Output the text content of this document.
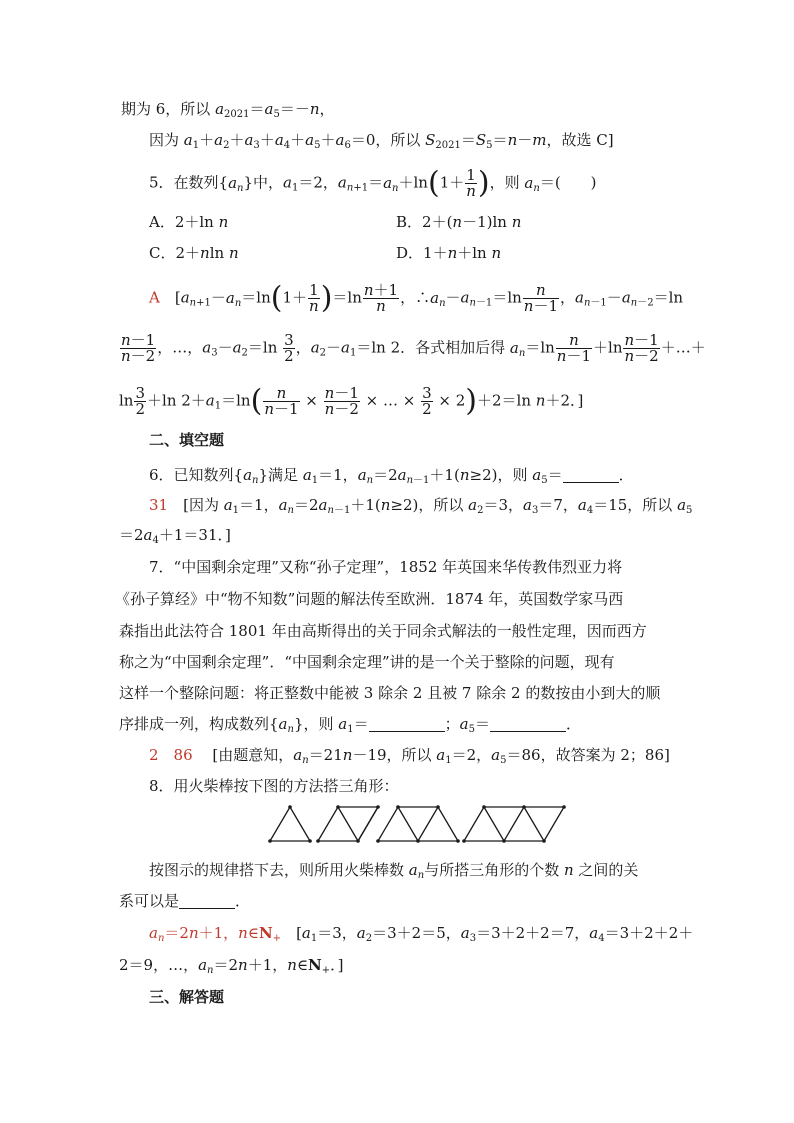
期为 6，所以 $a_{2021}=a_5=-n$，
因为 $a_1+a_2+a_3+a_4+a_5+a_6=0$，所以 $S_{2021}=S_5=n-m$，故选 C]
5．在数列$\{a_n\}$中，$a_1=2$，$a_{n+1}=a_n+\ln(1+ \frac{1}{n}$ )，则 $a_n=$(　　)
A．2＋ln n	B．2＋(n－1)ln n
C．2＋nln n	D．1＋n＋ln n
A　[$a_{n+1}-a_n=\ln(1+ \frac{1}{n} )=\ln \frac{n+1}{n}$ ，$\therefore a_n-a_{n-1}=\ln \frac{n}{n-1}$ ，$a_{n-1}-a_{n-2}=\ln$
$\frac{n-1}{n-2}$ ，…，$a_3-a_2=\ln \frac{3}{2}$ ，$a_2-a_1=\ln$ 2．各式相加后得 $a_n=\ln \frac{n}{n-1} +\ln \frac{n-1}{n-2}$ ＋…＋
$\ln \frac{3}{2} +\ln$ $2+a_1=\ln( \frac{n}{n-1} \times \frac{n-1}{n-2}$ × … × $\frac{3}{2} \times 2)+2=\ln$ n＋2．]
二、填空题
6．已知数列$\{a_n\}$满足 $a_1=1$，$a_n=2a_{n-1}+1(n\ge 2)$，则 $a_5=$	．
31　[因为 $a_1=1$，$a_n=2a_{n-1}+1(n\ge 2)$，所以 $a_2=3$，$a_3=7$，$a_4=15$，所以 $a_5$
$=2a_4+1=31$．]
7．“中国剩余定理”又称“孙子定理”，1852 年英国来华传教伟烈亚力将
《孙子算经》中“物不知数”问题的解法传至欧洲．1874 年，英国数学家马西
森指出此法符合 1801 年由高斯得出的关于同余式解法的一般性定理，因而西方
称之为“中国剩余定理”．“中国剩余定理”讲的是一个关于整除的问题，现有
这样一个整除问题：将正整数中能被 3 除余 2 且被 7 除余 2 的数按由小到大的顺
序排成一列，构成数列$\{a_n\}$，则 $a_1=$	；$a_5=$	．
2　86　 [由题意知，$a_n=21n-19$，所以 $a_1=2$，$a_5=86$，故答案为 2；86]
8．用火柴棒按下图的方法搭三角形：
按图示的规律搭下去，则所用火柴棒数 $a_n$与所搭三角形的个数 n 之间的关
系可以是	．
$a_n=2n+1$，$n\in N_+$　[$a_1=3$，$a_2=3+2=5$，$a_3=3+2+2=7$，$a_4=3+2+2+$
2＝9，…，$a_n=2n+1$，$n\in N_+$．]
三、解答题
